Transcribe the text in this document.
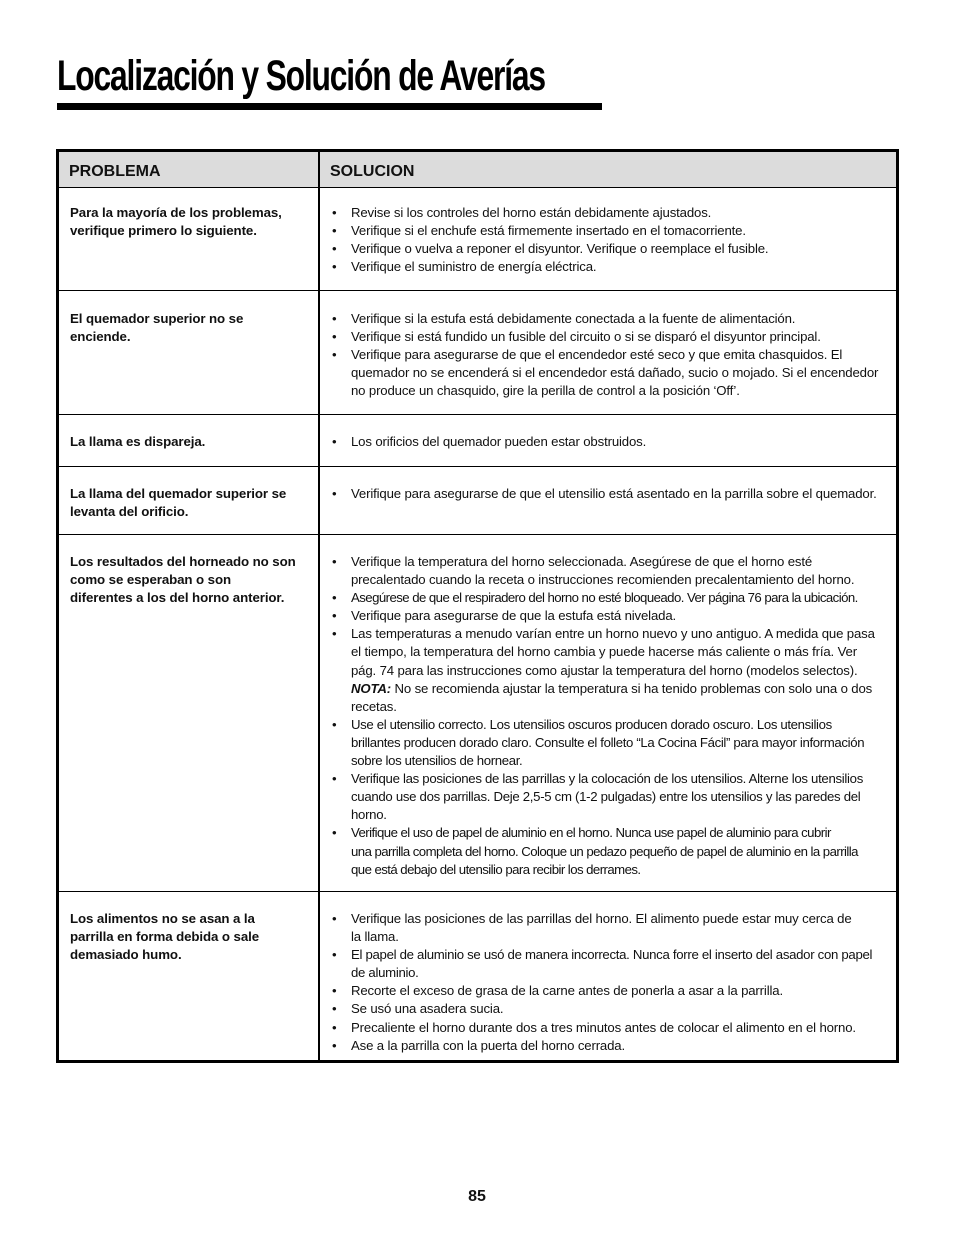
Localización y Solución de Averías
PROBLEMA	SOLUCION
Para la mayoría de los problemas,
verifique primero lo siguiente.
• Revise si los controles del horno están debidamente ajustados.
• Verifique si el enchufe está firmemente insertado en el tomacorriente.
• Verifique o vuelva a reponer el disyuntor. Verifique o reemplace el fusible.
• Verifique el suministro de energía eléctrica.
El quemador superior no se
enciende.
• Verifique si la estufa está debidamente conectada a la fuente de alimentación.
• Verifique si está fundido un fusible del circuito o si se disparó el disyuntor principal.
• Verifique para asegurarse de que el encendedor esté seco y que emita chasquidos. El
quemador no se encenderá si el encendedor está dañado, sucio o mojado. Si el encendedor
no produce un chasquido, gire la perilla de control a la posición ‘Off’.
La llama es dispareja.	• Los orificios del quemador pueden estar obstruidos.
La llama del quemador superior se
levanta del orificio.
• Verifique para asegurarse de que el utensilio está asentado en la parrilla sobre el quemador.
Los resultados del horneado no son
como se esperaban o son
diferentes a los del horno anterior.
• Verifique la temperatura del horno seleccionada. Asegúrese de que el horno esté
precalentado cuando la receta o instrucciones recomienden precalentamiento del horno.
• Asegúrese de que el respiradero del horno no esté bloqueado. Ver página 76 para la ubicación.
• Verifique para asegurarse de que la estufa está nivelada.
• Las temperaturas a menudo varían entre un horno nuevo y uno antiguo. A medida que pasa
el tiempo, la temperatura del horno cambia y puede hacerse más caliente o más fría. Ver
pág. 74 para las instrucciones como ajustar la temperatura del horno (modelos selectos).
NOTA: No se recomienda ajustar la temperatura si ha tenido problemas con solo una o dos
recetas.
• Use el utensilio correcto. Los utensilios oscuros producen dorado oscuro. Los utensilios
brillantes producen dorado claro. Consulte el folleto “La Cocina Fácil” para mayor información
sobre los utensilios de hornear.
• Verifique las posiciones de las parrillas y la colocación de los utensilios. Alterne los utensilios
cuando use dos parrillas. Deje 2,5-5 cm (1-2 pulgadas) entre los utensilios y las paredes del
horno.
• Verifique el uso de papel de aluminio en el horno. Nunca use papel de aluminio para cubrir
una parrilla completa del horno. Coloque un pedazo pequeño de papel de aluminio en la parrilla
que está debajo del utensilio para recibir los derrames.
Los alimentos no se asan a la
parrilla en forma debida o sale
demasiado humo.
• Verifique las posiciones de las parrillas del horno. El alimento puede estar muy cerca de
la llama.
• El papel de aluminio se usó de manera incorrecta. Nunca forre el inserto del asador con papel
de aluminio.
• Recorte el exceso de grasa de la carne antes de ponerla a asar a la parrilla.
• Se usó una asadera sucia.
• Precaliente el horno durante dos a tres minutos antes de colocar el alimento en el horno.
• Ase a la parrilla con la puerta del horno cerrada.
85
